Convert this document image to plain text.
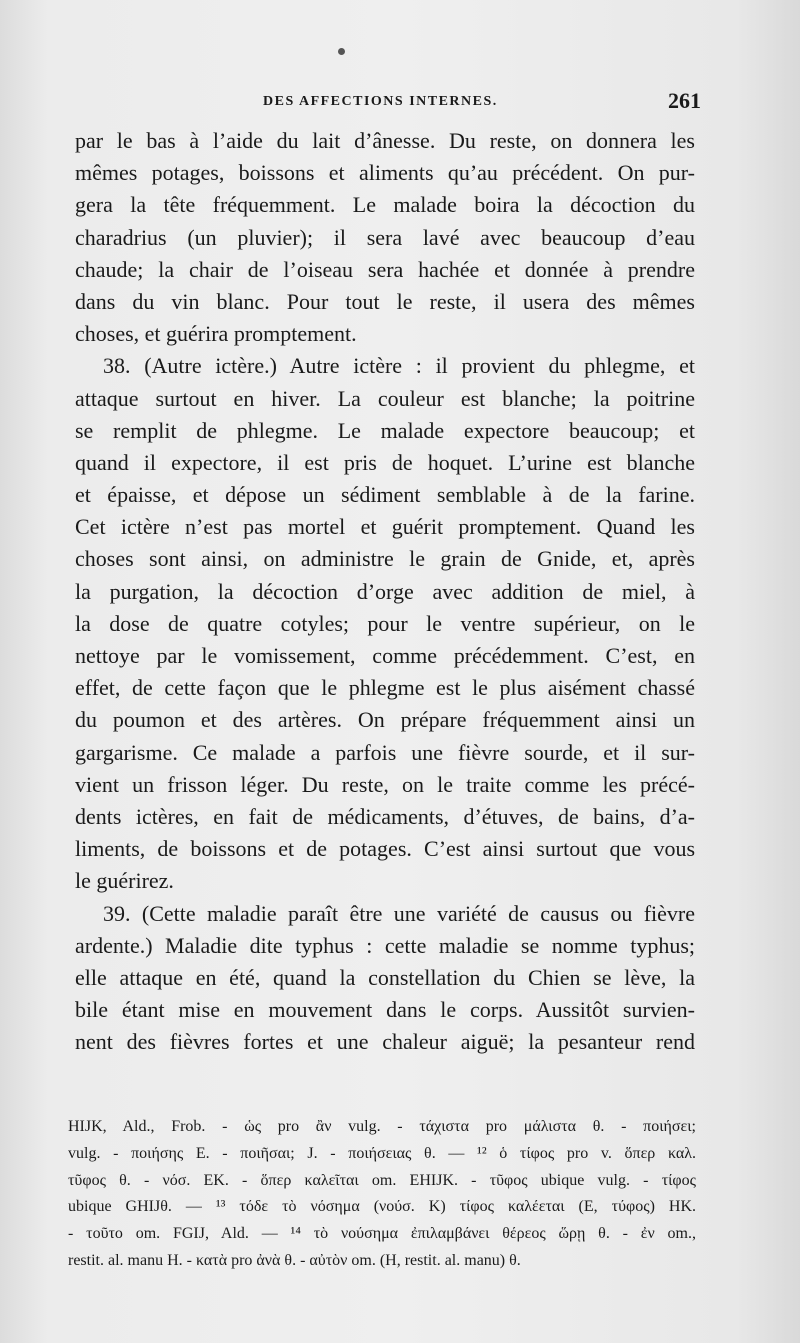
DES AFFECTIONS INTERNES.	261
par le bas à l’aide du lait d’ânesse. Du reste, on donnera les
mêmes potages, boissons et aliments qu’au précédent. On pur-
gera la tête fréquemment. Le malade boira la décoction du
charadrius (un pluvier); il sera lavé avec beaucoup d’eau
chaude; la chair de l’oiseau sera hachée et donnée à prendre
dans du vin blanc. Pour tout le reste, il usera des mêmes
choses, et guérira promptement.
38. (Autre ictère.) Autre ictère : il provient du phlegme, et
attaque surtout en hiver. La couleur est blanche; la poitrine
se remplit de phlegme. Le malade expectore beaucoup; et
quand il expectore, il est pris de hoquet. L’urine est blanche
et épaisse, et dépose un sédiment semblable à de la farine.
Cet ictère n’est pas mortel et guérit promptement. Quand les
choses sont ainsi, on administre le grain de Gnide, et, après
la purgation, la décoction d’orge avec addition de miel, à
la dose de quatre cotyles; pour le ventre supérieur, on le
nettoye par le vomissement, comme précédemment. C’est, en
effet, de cette façon que le phlegme est le plus aisément chassé
du poumon et des artères. On prépare fréquemment ainsi un
gargarisme. Ce malade a parfois une fièvre sourde, et il sur-
vient un frisson léger. Du reste, on le traite comme les précé-
dents ictères, en fait de médicaments, d’étuves, de bains, d’a-
liments, de boissons et de potages. C’est ainsi surtout que vous
le guérirez.
39. (Cette maladie paraît être une variété de causus ou fièvre
ardente.) Maladie dite typhus : cette maladie se nomme typhus;
elle attaque en été, quand la constellation du Chien se lève, la
bile étant mise en mouvement dans le corps. Aussitôt survien-
nent des fièvres fortes et une chaleur aiguë; la pesanteur rend
HIJK, Ald., Frob. - ὡς pro ἂν vulg. - τάχιστα pro μάλιστα θ. - ποιήσει;
vulg. - ποιήσης E. - ποιῆσαι; J. - ποιήσειας θ. — ¹² ὁ τίφος pro v. ὅπερ καλ.
τῦφος θ. - νόσ. EK. - ὅπερ καλεῖται om. EHIJK. - τῦφος ubique vulg. - τίφος
ubique GHIJθ. — ¹³ τόδε τὸ νόσημα (νούσ. K) τίφος καλέεται (E, τύφος) HK.
- τοῦτο om. FGIJ, Ald. — ¹⁴ τὸ νούσημα ἐπιλαμβάνει θέρεος ὥρῃ θ. - ἐν om.,
restit. al. manu H. - κατὰ pro ἀνὰ θ. - αὐτὸν om. (H, restit. al. manu) θ.
